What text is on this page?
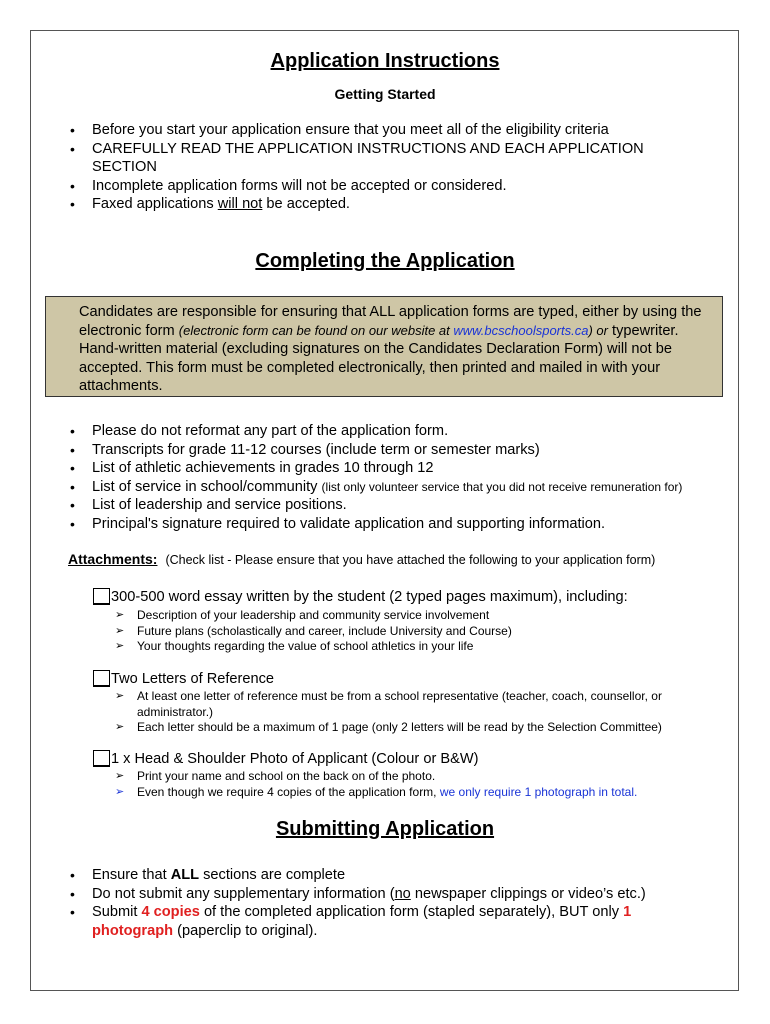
Application Instructions
Getting Started
• Before you start your application ensure that you meet all of the eligibility criteria
• CAREFULLY READ THE APPLICATION INSTRUCTIONS AND EACH APPLICATION SECTION
• Incomplete application forms will not be accepted or considered.
• Faxed applications will not be accepted.
Completing the Application
Candidates are responsible for ensuring that ALL application forms are typed, either by using the electronic form (electronic form can be found on our website at www.bcschoolsports.ca) or typewriter. Hand-written material (excluding signatures on the Candidates Declaration Form) will not be accepted. This form must be completed electronically, then printed and mailed in with your attachments.
• Please do not reformat any part of the application form.
• Transcripts for grade 11-12 courses (include term or semester marks)
• List of athletic achievements in grades 10 through 12
• List of service in school/community (list only volunteer service that you did not receive remuneration for)
• List of leadership and service positions.
• Principal's signature required to validate application and supporting information.
Attachments: (Check list - Please ensure that you have attached the following to your application form)
300-500 word essay written by the student (2 typed pages maximum), including:
➢ Description of your leadership and community service involvement
➢ Future plans (scholastically and career, include University and Course)
➢ Your thoughts regarding the value of school athletics in your life
Two Letters of Reference
➢ At least one letter of reference must be from a school representative (teacher, coach, counsellor, or administrator.)
➢ Each letter should be a maximum of 1 page (only 2 letters will be read by the Selection Committee)
1 x Head & Shoulder Photo of Applicant (Colour or B&W)
➢ Print your name and school on the back on of the photo.
➢ Even though we require 4 copies of the application form, we only require 1 photograph in total.
Submitting Application
• Ensure that ALL sections are complete
• Do not submit any supplementary information (no newspaper clippings or video’s etc.)
• Submit 4 copies of the completed application form (stapled separately), BUT only 1 photograph (paperclip to original).
